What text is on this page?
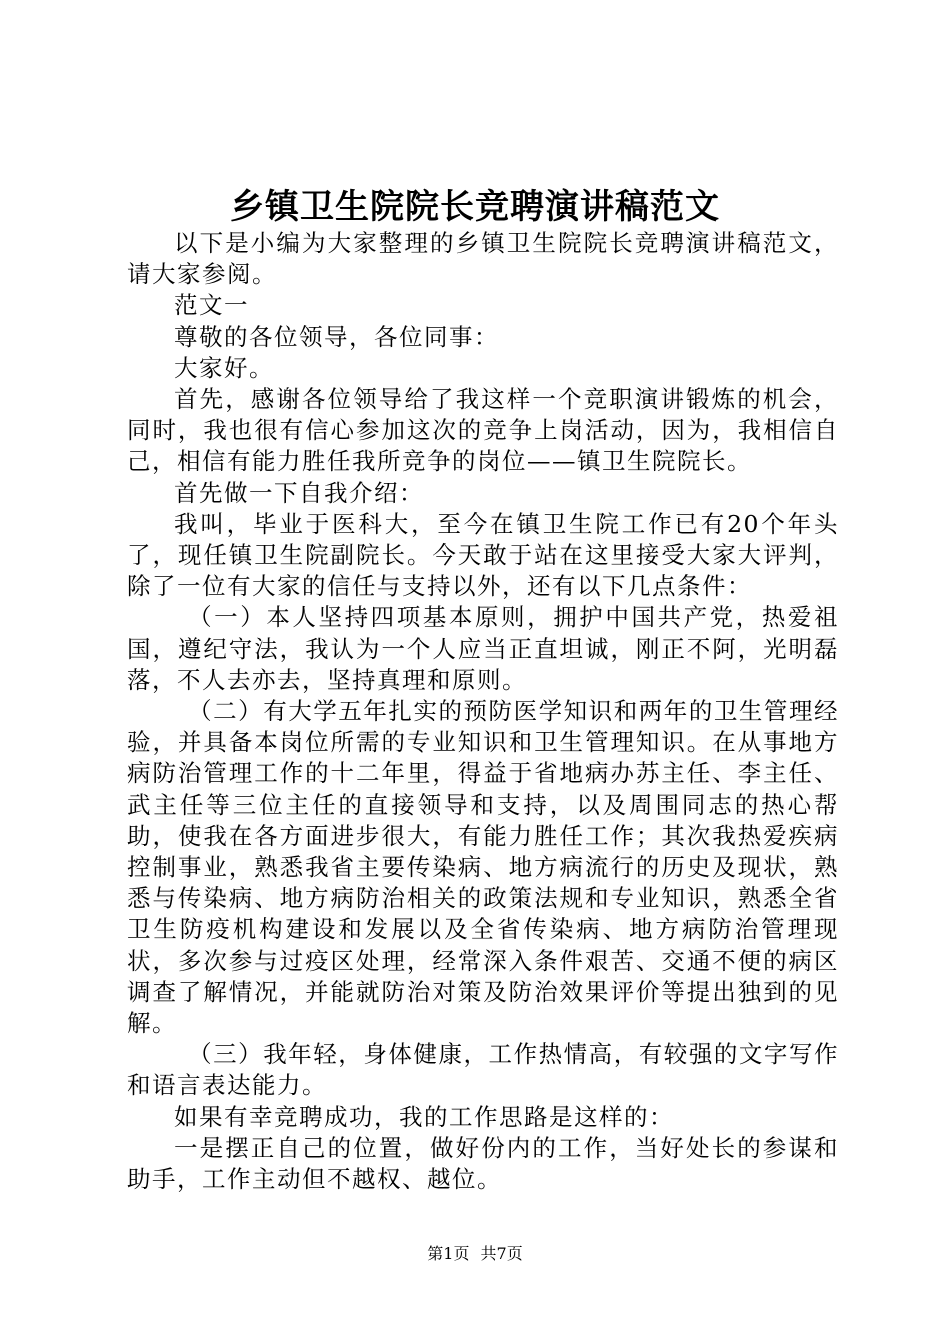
乡镇卫生院院长竞聘演讲稿范文

以下是小编为大家整理的乡镇卫生院院长竞聘演讲稿范文，请大家参阅。

范文一

尊敬的各位领导，各位同事：

大家好。

首先，感谢各位领导给了我这样一个竞职演讲锻炼的机会，同时，我也很有信心参加这次的竞争上岗活动，因为，我相信自己，相信有能力胜任我所竞争的岗位——镇卫生院院长。

首先做一下自我介绍：

我叫，毕业于医科大，至今在镇卫生院工作已有20个年头了，现任镇卫生院副院长。今天敢于站在这里接受大家大评判，除了一位有大家的信任与支持以外，还有以下几点条件：

（一）本人坚持四项基本原则，拥护中国共产党，热爱祖国，遵纪守法，我认为一个人应当正直坦诚，刚正不阿，光明磊落，不人去亦去，坚持真理和原则。

（二）有大学五年扎实的预防医学知识和两年的卫生管理经验，并具备本岗位所需的专业知识和卫生管理知识。在从事地方病防治管理工作的十二年里，得益于省地病办苏主任、李主任、武主任等三位主任的直接领导和支持，以及周围同志的热心帮助，使我在各方面进步很大，有能力胜任工作；其次我热爱疾病控制事业，熟悉我省主要传染病、地方病流行的历史及现状，熟悉与传染病、地方病防治相关的政策法规和专业知识，熟悉全省卫生防疫机构建设和发展以及全省传染病、地方病防治管理现状，多次参与过疫区处理，经常深入条件艰苦、交通不便的病区调查了解情况，并能就防治对策及防治效果评价等提出独到的见解。

（三）我年轻，身体健康，工作热情高，有较强的文字写作和语言表达能力。

如果有幸竞聘成功，我的工作思路是这样的：

一是摆正自己的位置，做好份内的工作，当好处长的参谋和助手，工作主动但不越权、越位。

第1页 共7页
